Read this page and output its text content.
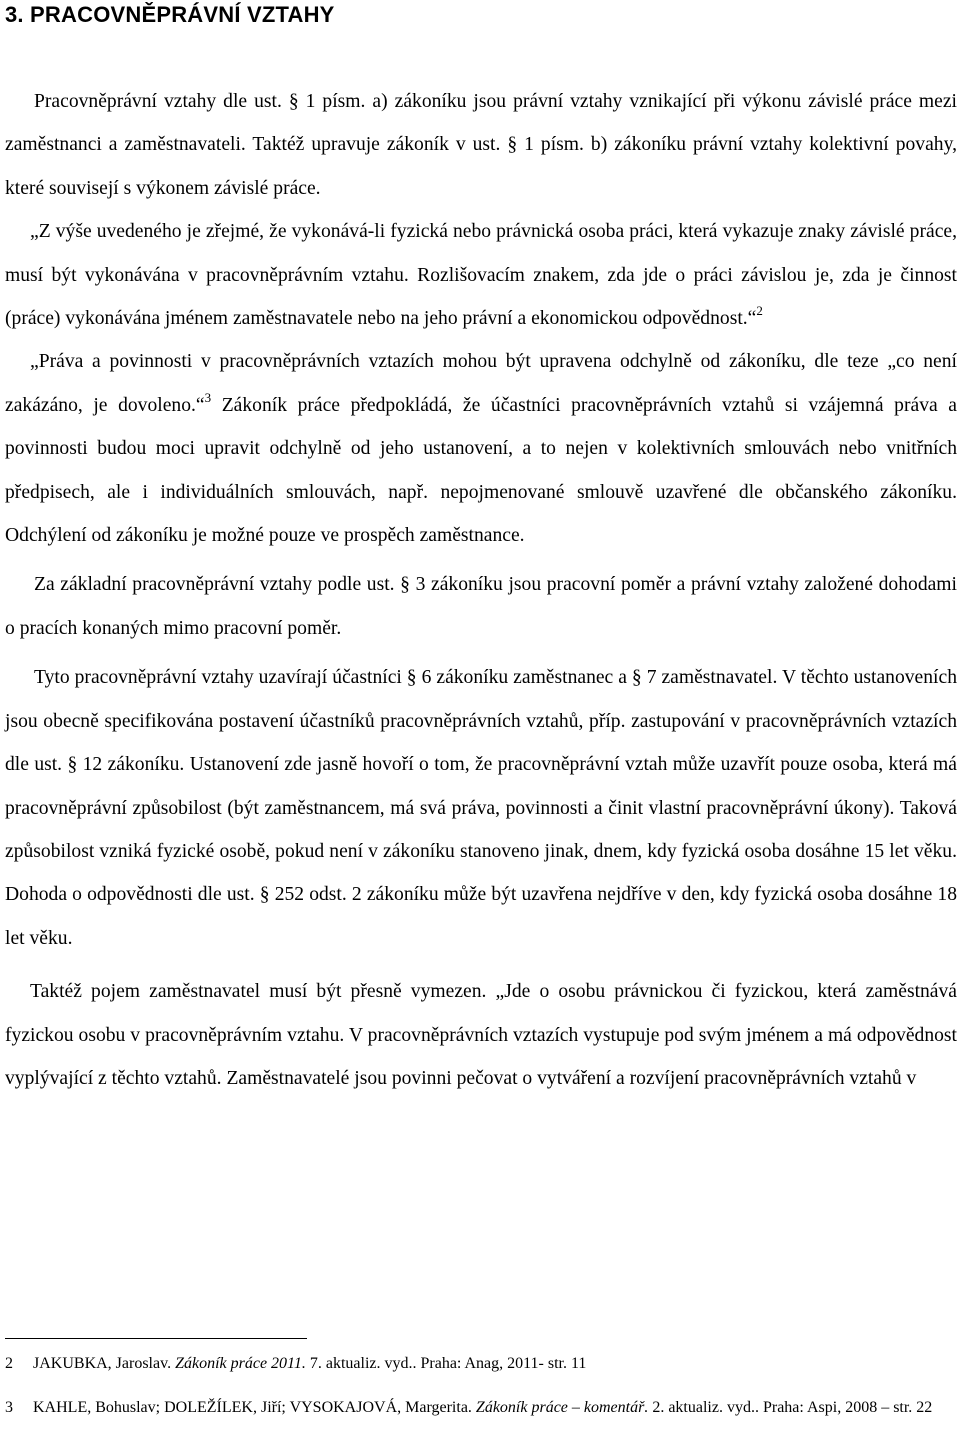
3. PRACOVNĚPRÁVNÍ VZTAHY

Pracovněprávní vztahy dle ust. § 1 písm. a) zákoníku jsou právní vztahy vznikající při výkonu závislé práce mezi zaměstnanci a zaměstnavateli. Taktéž upravuje zákoník v ust. § 1 písm. b) zákoníku právní vztahy kolektivní povahy, které souvisejí s výkonem závislé práce.

„Z výše uvedeného je zřejmé, že vykonává-li fyzická nebo právnická osoba práci, která vykazuje znaky závislé práce, musí být vykonávána v pracovněprávním vztahu. Rozlišovacím znakem, zda jde o práci závislou je, zda je činnost (práce) vykonávána jménem zaměstnavatele nebo na jeho právní a ekonomickou odpovědnost.“$^2$

„Práva a povinnosti v pracovněprávních vztazích mohou být upravena odchylně od zákoníku, dle teze „co není zakázáno, je dovoleno.“$^3$ Zákoník práce předpokládá, že účastníci pracovněprávních vztahů si vzájemná práva a povinnosti budou moci upravit odchylně od jeho ustanovení, a to nejen v kolektivních smlouvách nebo vnitřních předpisech, ale i individuálních smlouvách, např. nepojmenované smlouvě uzavřené dle občanského zákoníku. Odchýlení od zákoníku je možné pouze ve prospěch zaměstnance.

Za základní pracovněprávní vztahy podle ust. § 3 zákoníku jsou pracovní poměr a právní vztahy založené dohodami o pracích konaných mimo pracovní poměr.

Tyto pracovněprávní vztahy uzavírají účastníci § 6 zákoníku zaměstnanec a § 7 zaměstnavatel. V těchto ustanoveních jsou obecně specifikována postavení účastníků pracovněprávních vztahů, příp. zastupování v pracovněprávních vztazích dle ust. § 12 zákoníku. Ustanovení zde jasně hovoří o tom, že pracovněprávní vztah může uzavřít pouze osoba, která má pracovněprávní způsobilost (být zaměstnancem, má svá práva, povinnosti a činit vlastní pracovněprávní úkony). Taková způsobilost vzniká fyzické osobě, pokud není v zákoníku stanoveno jinak, dnem, kdy fyzická osoba dosáhne 15 let věku. Dohoda o odpovědnosti dle ust. § 252 odst. 2 zákoníku může být uzavřena nejdříve v den, kdy fyzická osoba dosáhne 18 let věku.

Taktéž pojem zaměstnavatel musí být přesně vymezen. „Jde o osobu právnickou či fyzickou, která zaměstnává fyzickou osobu v pracovněprávním vztahu. V pracovněprávních vztazích vystupuje pod svým jménem a má odpovědnost vyplývající z těchto vztahů. Zaměstnavatelé jsou povinni pečovat o vytváření a rozvíjení pracovněprávních vztahů v

2 JAKUBKA, Jaroslav. Zákoník práce 2011. 7. aktualiz. vyd.. Praha: Anag, 2011- str. 11

3 KAHLE, Bohuslav; DOLEŽÍLEK, Jiří; VYSOKAJOVÁ, Margerita. Zákoník práce – komentář. 2. aktualiz. vyd.. Praha: Aspi, 2008 – str. 22
